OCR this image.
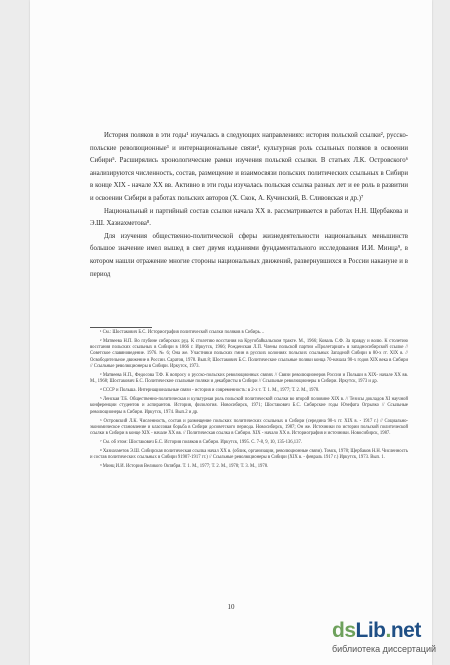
История поляков в эти годы¹ изучалась в следующих направлениях: история польской ссылки², русско-польские революционные³ и интернациональные связи⁴, культурная роль ссыльных поляков в освоении Сибири⁵. Расширялись хронологические рамки изучения польской ссылки. В статьях Л.К. Островского⁶ анализируются численность, состав, размещение и взаимосвязи польских политических ссыльных в Сибири в конце XIX - начале XX вв. Активно в эти годы изучалась польская ссылка разных лет и ее роль в развитии и освоении Сибири в работах польских авторов (Х. Скок, А. Кучинский, В. Сливовская и др.)⁷

Национальный и партийный состав ссылки начала XX в. рассматривается в работах Н.Н. Щербакова и Э.Ш. Хазиахметова⁸.

Для изучения общественно-политической сферы жизнедеятельности национальных меньшинств большое значение имел вышед в свет двумя изданиями фундаментального исследования И.И. Минца⁹, в котором нашли отражение многие стороны национальных движений, развернувшихся в России накануне и в период

¹ См.: Шостакович Б.С. Историография политической ссылки поляков в Сибирь…

² Матвеева Н.П. Во глубине сибирских руд. К столетию восстания на Кругобайкальском тракте. М., 1966; Коваль С.Ф. За правду и волю. К столетию восстания польских ссыльных в Сибири в 1866 г. Иркутск, 1966; Рожденская Л.П. Члены польской партии «Пролетариат» в западносибирской ссылке // Советское славяноведение. 1976. № 6; Она же. Участники польских гмин в русских колониях польских ссыльных Западной Сибири в 80-х гг. XIX в. // Освободительное движение в России. Саратов, 1978. Вып.8; Шостакович Б.С. Политические ссыльные поляки конца 70-начала 90-х годов XIX века в Сибири // Ссыльные революционеры в Сибири. Иркутск, 1973.

³ Матвеева Н.П., Федосова Т.Ф. К вопросу о русско-польских революционных связях // Связи революционеров России и Польши в XIX- начале XX вв. М., 1968; Шостакович Б.С. Политические ссыльные поляки и декабристы в Сибири // Ссыльные революционеры в Сибири. Иркутск, 1973 и др.

⁴ СССР и Польша. Интернациональные связи - история и современность: в 2-х т. Т. 1. М., 1977; Т. 2. М., 1978.

⁵ Ленская Т.Б. Общественно-политическая и культурная роль польской политической ссылки во второй половине XIX в. // Тезисы докладов XI научной конференции студентов и аспирантов. История, филология. Новосибирск, 1971; Шостакович Б.С. Сибирские годы Юзефата Огрызко // Ссыльные революционеры в Сибири. Иркутск, 1974. Вып.2 и др.

⁶ Островский Л.К. Численность, состав и размещение польских политических ссыльных в Сибири (середина 90-х гг. XIX в. - 1917 г.) // Социально-экономическое становление и классовая борьба в Сибири досоветского периода. Новосибирск, 1987; Он же. Источники по истории польской политической ссылки в Сибири в конце XIX - начале XX вв. // Политическая ссылка в Сибири. XIX - начало XX в. Историография и источники. Новосибирск, 1987.

⁷ См. об этом: Шостакович Б.С. История поляков в Сибири. Иркутск, 1995. С. 7-8, 9, 10, 135-136,137.

⁸ Хазиахметов Э.Ш. Сибирская политическая ссылка начал XX в. (облик, организации, революционные связи). Томск, 1978; Щербаков Н.Н. Численность и состав политических ссыльных в Сибири 91907-1917 гг.) // Ссыльные революционеры в Сибири (XIX в. - февраль 1917 г.) Иркутск, 1973. Вып. 1.

⁹ Минц И.И. История Великого Октября. Т. 1. М., 1977; Т. 2. М., 1978; Т. 3. М., 1978.

10
dsLib.net
библиотека диссертаций
